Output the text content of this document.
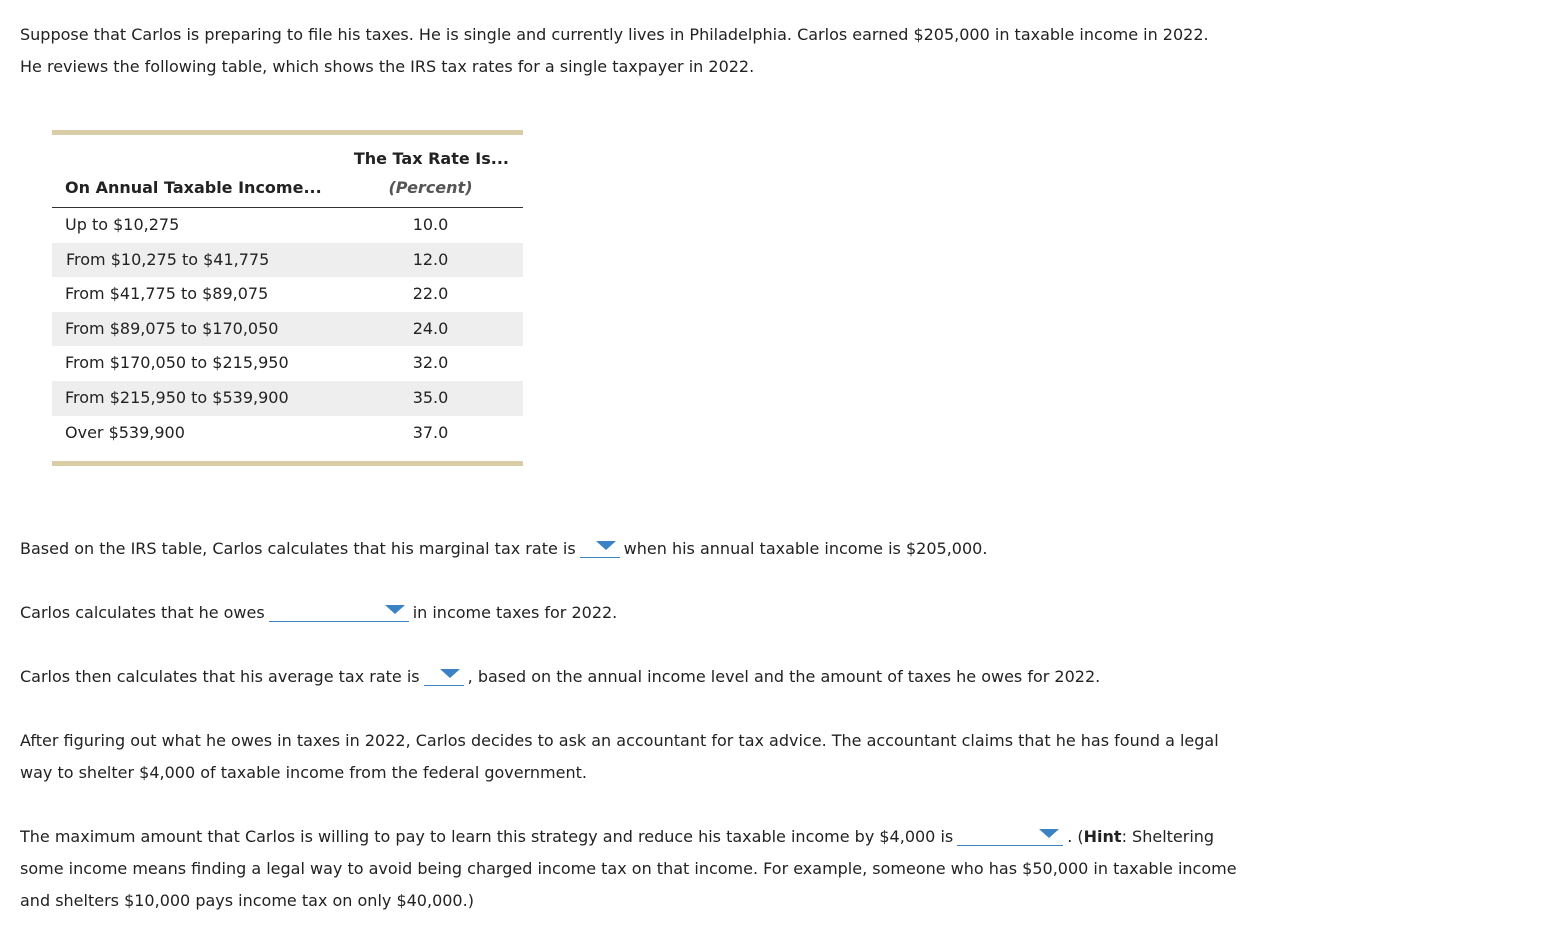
Suppose that Carlos is preparing to file his taxes. He is single and currently lives in Philadelphia. Carlos earned $205,000 in taxable income in 2022.
He reviews the following table, which shows the IRS tax rates for a single taxpayer in 2022.
The Tax Rate Is...
On Annual Taxable Income...	(Percent)
Up to $10,275	10.0
From $10,275 to $41,775	12.0
From $41,775 to $89,075	22.0
From $89,075 to $170,050	24.0
From $170,050 to $215,950	32.0
From $215,950 to $539,900	35.0
Over $539,900	37.0
Based on the IRS table, Carlos calculates that his marginal tax rate is	when his annual taxable income is $205,000.
Carlos calculates that he owes	in income taxes for 2022.
Carlos then calculates that his average tax rate is	, based on the annual income level and the amount of taxes he owes for 2022.
After figuring out what he owes in taxes in 2022, Carlos decides to ask an accountant for tax advice. The accountant claims that he has found a legal
way to shelter $4,000 of taxable income from the federal government.
The maximum amount that Carlos is willing to pay to learn this strategy and reduce his taxable income by $4,000 is	. (Hint: Sheltering
some income means finding a legal way to avoid being charged income tax on that income. For example, someone who has $50,000 in taxable income
and shelters $10,000 pays income tax on only $40,000.)
